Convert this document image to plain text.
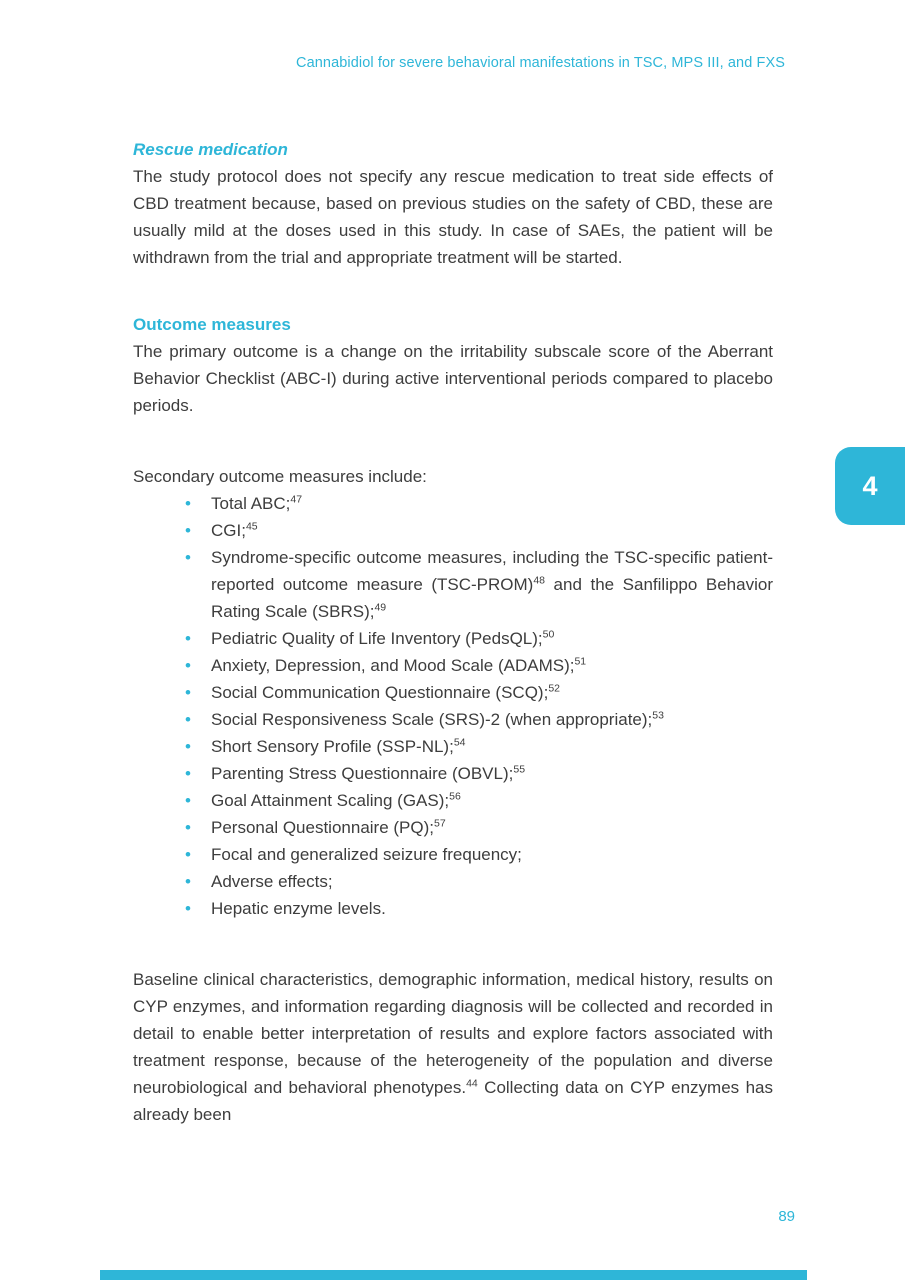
Cannabidiol for severe behavioral manifestations in TSC, MPS III, and FXS
Rescue medication

The study protocol does not specify any rescue medication to treat side effects of CBD treatment because, based on previous studies on the safety of CBD, these are usually mild at the doses used in this study. In case of SAEs, the patient will be withdrawn from the trial and appropriate treatment will be started.

Outcome measures

The primary outcome is a change on the irritability subscale score of the Aberrant Behavior Checklist (ABC-I) during active interventional periods compared to placebo periods.

Secondary outcome measures include:

•	Total ABC;$^{47}$
•	CGI;$^{45}$
•	Syndrome-specific outcome measures, including the TSC-specific patient-reported outcome measure (TSC-PROM)$^{48}$ and the Sanfilippo Behavior Rating Scale (SBRS);$^{49}$
•	Pediatric Quality of Life Inventory (PedsQL);$^{50}$
•	Anxiety, Depression, and Mood Scale (ADAMS);$^{51}$
•	Social Communication Questionnaire (SCQ);$^{52}$
•	Social Responsiveness Scale (SRS)-2 (when appropriate);$^{53}$
•	Short Sensory Profile (SSP-NL);$^{54}$
•	Parenting Stress Questionnaire (OBVL);$^{55}$
•	Goal Attainment Scaling (GAS);$^{56}$
•	Personal Questionnaire (PQ);$^{57}$
•	Focal and generalized seizure frequency;
•	Adverse effects;
•	Hepatic enzyme levels.

Baseline clinical characteristics, demographic information, medical history, results on CYP enzymes, and information regarding diagnosis will be collected and recorded in detail to enable better interpretation of results and explore factors associated with treatment response, because of the heterogeneity of the population and diverse neurobiological and behavioral phenotypes.$^{44}$ Collecting data on CYP enzymes has already been

4
89
